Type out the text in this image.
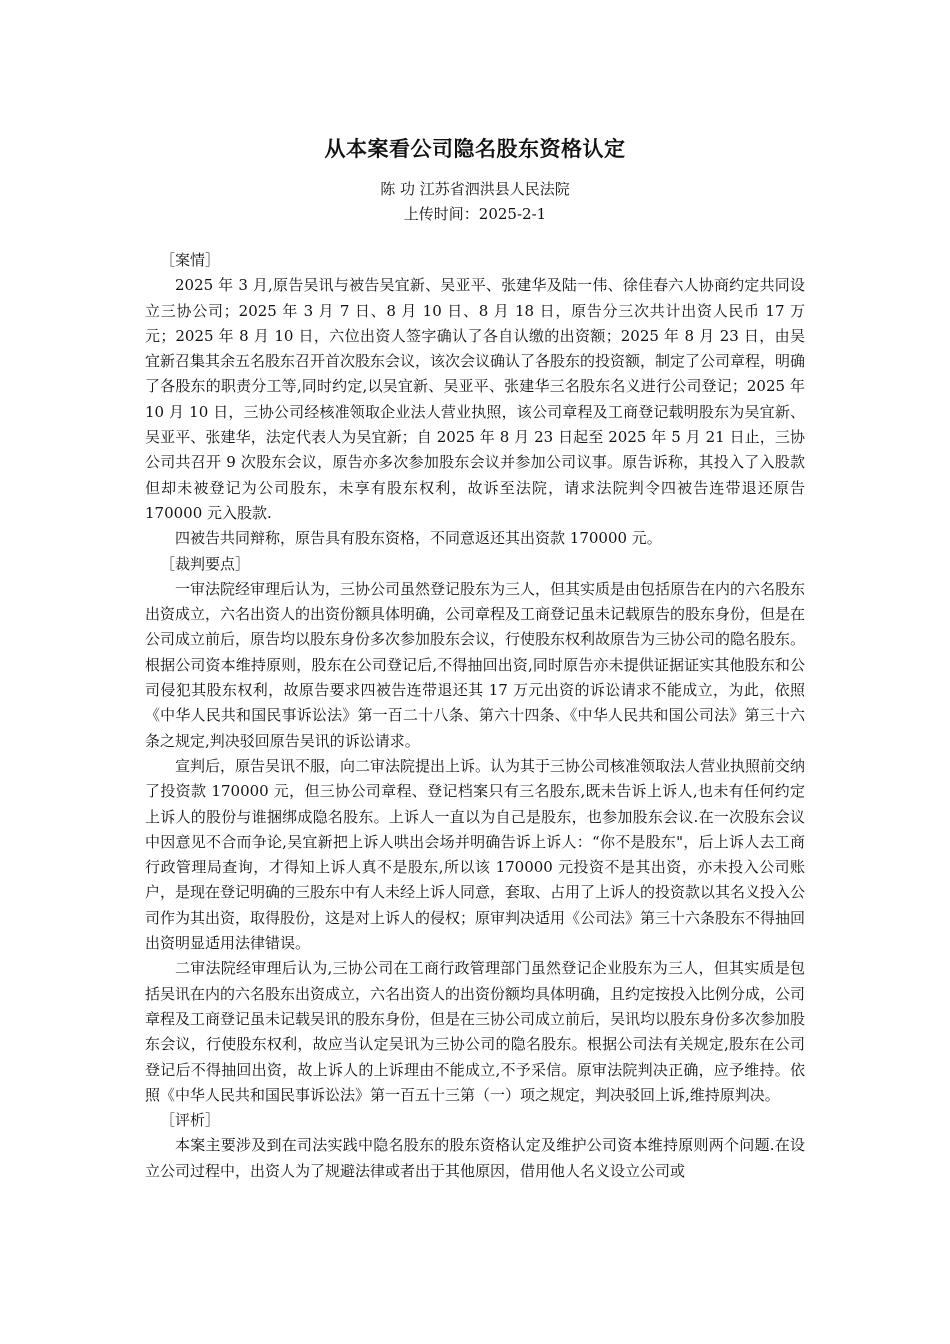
从本案看公司隐名股东资格认定
陈 功 江苏省泗洪县人民法院
上传时间：2025-2-1

［案情］

2025 年 3 月,原告吴讯与被告吴宜新、吴亚平、张建华及陆一伟、徐佳春六人协商约定共同设立三协公司；2025 年 3 月 7 日、8 月 10 日、8 月 18 日，原告分三次共计出资人民币 17 万元；2025 年 8 月 10 日，六位出资人签字确认了各自认缴的出资额；2025 年 8 月 23 日，由吴宜新召集其余五名股东召开首次股东会议，该次会议确认了各股东的投资额，制定了公司章程，明确了各股东的职责分工等,同时约定,以吴宜新、吴亚平、张建华三名股东名义进行公司登记；2025 年 10 月 10 日，三协公司经核准领取企业法人营业执照，该公司章程及工商登记载明股东为吴宜新、吴亚平、张建华，法定代表人为吴宜新；自 2025 年 8 月 23 日起至 2025 年 5 月 21 日止，三协公司共召开 9 次股东会议，原告亦多次参加股东会议并参加公司议事。原告诉称，其投入了入股款但却未被登记为公司股东，未享有股东权利，故诉至法院，请求法院判令四被告连带退还原告 170000 元入股款.

四被告共同辩称，原告具有股东资格，不同意返还其出资款 170000 元。

［裁判要点］

一审法院经审理后认为，三协公司虽然登记股东为三人，但其实质是由包括原告在内的六名股东出资成立，六名出资人的出资份额具体明确，公司章程及工商登记虽未记载原告的股东身份，但是在公司成立前后，原告均以股东身份多次参加股东会议，行使股东权利故原告为三协公司的隐名股东。根据公司资本维持原则，股东在公司登记后,不得抽回出资,同时原告亦未提供证据证实其他股东和公司侵犯其股东权利，故原告要求四被告连带退还其 17 万元出资的诉讼请求不能成立，为此，依照《中华人民共和国民事诉讼法》第一百二十八条、第六十四条、《中华人民共和国公司法》第三十六条之规定,判决驳回原告吴讯的诉讼请求。

宣判后，原告吴讯不服，向二审法院提出上诉。认为其于三协公司核准领取法人营业执照前交纳了投资款 170000 元，但三协公司章程、登记档案只有三名股东,既未告诉上诉人,也未有任何约定上诉人的股份与谁捆绑成隐名股东。上诉人一直以为自己是股东，也参加股东会议.在一次股东会议中因意见不合而争论,吴宜新把上诉人哄出会场并明确告诉上诉人：“你不是股东"，后上诉人去工商行政管理局查询，才得知上诉人真不是股东,所以该 170000 元投资不是其出资，亦未投入公司账户，是现在登记明确的三股东中有人未经上诉人同意，套取、占用了上诉人的投资款以其名义投入公司作为其出资，取得股份，这是对上诉人的侵权；原审判决适用《公司法》第三十六条股东不得抽回出资明显适用法律错误。

二审法院经审理后认为,三协公司在工商行政管理部门虽然登记企业股东为三人，但其实质是包括吴讯在内的六名股东出资成立，六名出资人的出资份额均具体明确，且约定按投入比例分成，公司章程及工商登记虽未记载吴讯的股东身份，但是在三协公司成立前后，吴讯均以股东身份多次参加股东会议，行使股东权利，故应当认定吴讯为三协公司的隐名股东。根据公司法有关规定,股东在公司登记后不得抽回出资，故上诉人的上诉理由不能成立,不予采信。原审法院判决正确，应予维持。依照《中华人民共和国民事诉讼法》第一百五十三第（一）项之规定，判决驳回上诉,维持原判决。

［评析］

本案主要涉及到在司法实践中隐名股东的股东资格认定及维护公司资本维持原则两个问题.在设立公司过程中，出资人为了规避法律或者出于其他原因，借用他人名义设立公司或
